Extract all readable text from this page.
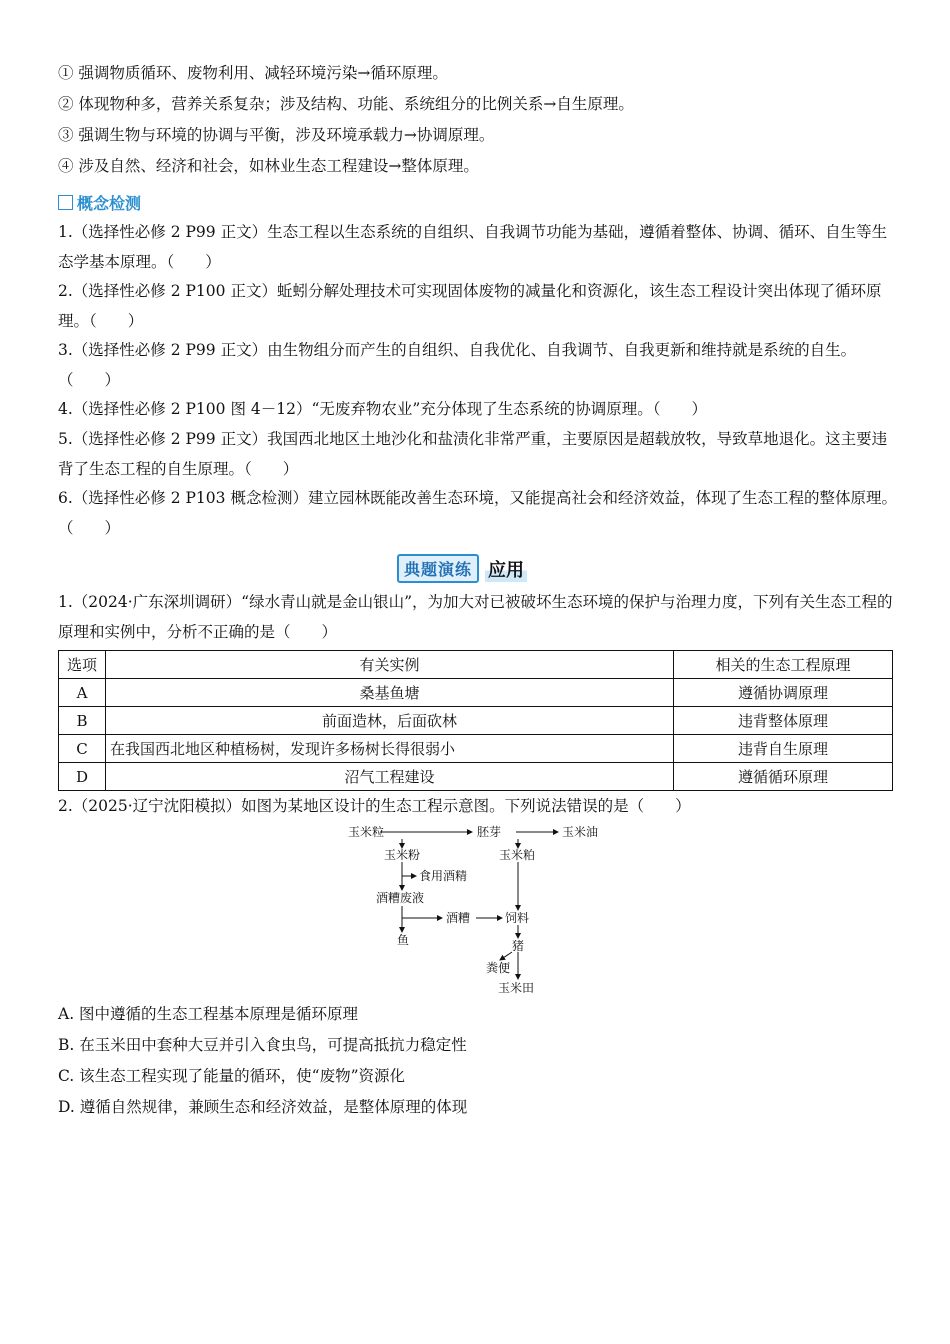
① 强调物质循环、废物利用、减轻环境污染→循环原理。
② 体现物种多，营养关系复杂；涉及结构、功能、系统组分的比例关系→自生原理。
③ 强调生物与环境的协调与平衡，涉及环境承载力→协调原理。
④ 涉及自然、经济和社会，如林业生态工程建设→整体原理。
概念检测
1.（选择性必修 2 P99 正文）生态工程以生态系统的自组织、自我调节功能为基础，遵循着整体、协调、循环、自生等生态学基本原理。（　　）
2.（选择性必修 2 P100 正文）蚯蚓分解处理技术可实现固体废物的减量化和资源化，该生态工程设计突出体现了循环原理。（　　）
3.（选择性必修 2 P99 正文）由生物组分而产生的自组织、自我优化、自我调节、自我更新和维持就是系统的自生。（　　）
4.（选择性必修 2 P100 图 4－12）“无废弃物农业”充分体现了生态系统的协调原理。（　　）
5.（选择性必修 2 P99 正文）我国西北地区土地沙化和盐渍化非常严重，主要原因是超载放牧，导致草地退化。这主要违背了生态工程的自生原理。（　　）
6.（选择性必修 2 P103 概念检测）建立园林既能改善生态环境，又能提高社会和经济效益，体现了生态工程的整体原理。（　　）
典题演练 应用
1.（2024·广东深圳调研）“绿水青山就是金山银山”，为加大对已被破坏生态环境的保护与治理力度，下列有关生态工程的原理和实例中，分析不正确的是（　　）
选项	有关实例	相关的生态工程原理
A	桑基鱼塘	遵循协调原理
B	前面造林，后面砍林	违背整体原理
C	在我国西北地区种植杨树，发现许多杨树长得很弱小	违背自生原理
D	沼气工程建设	遵循循环原理
2.（2025·辽宁沈阳模拟）如图为某地区设计的生态工程示意图。下列说法错误的是（　　）
玉米粒	胚芽	玉米油
玉米粉	玉米粕
食用酒精
酒糟废液
酒糟	饲料
鱼	猪
粪便
玉米田
A. 图中遵循的生态工程基本原理是循环原理
B. 在玉米田中套种大豆并引入食虫鸟，可提高抵抗力稳定性
C. 该生态工程实现了能量的循环，使“废物”资源化
D. 遵循自然规律，兼顾生态和经济效益，是整体原理的体现
